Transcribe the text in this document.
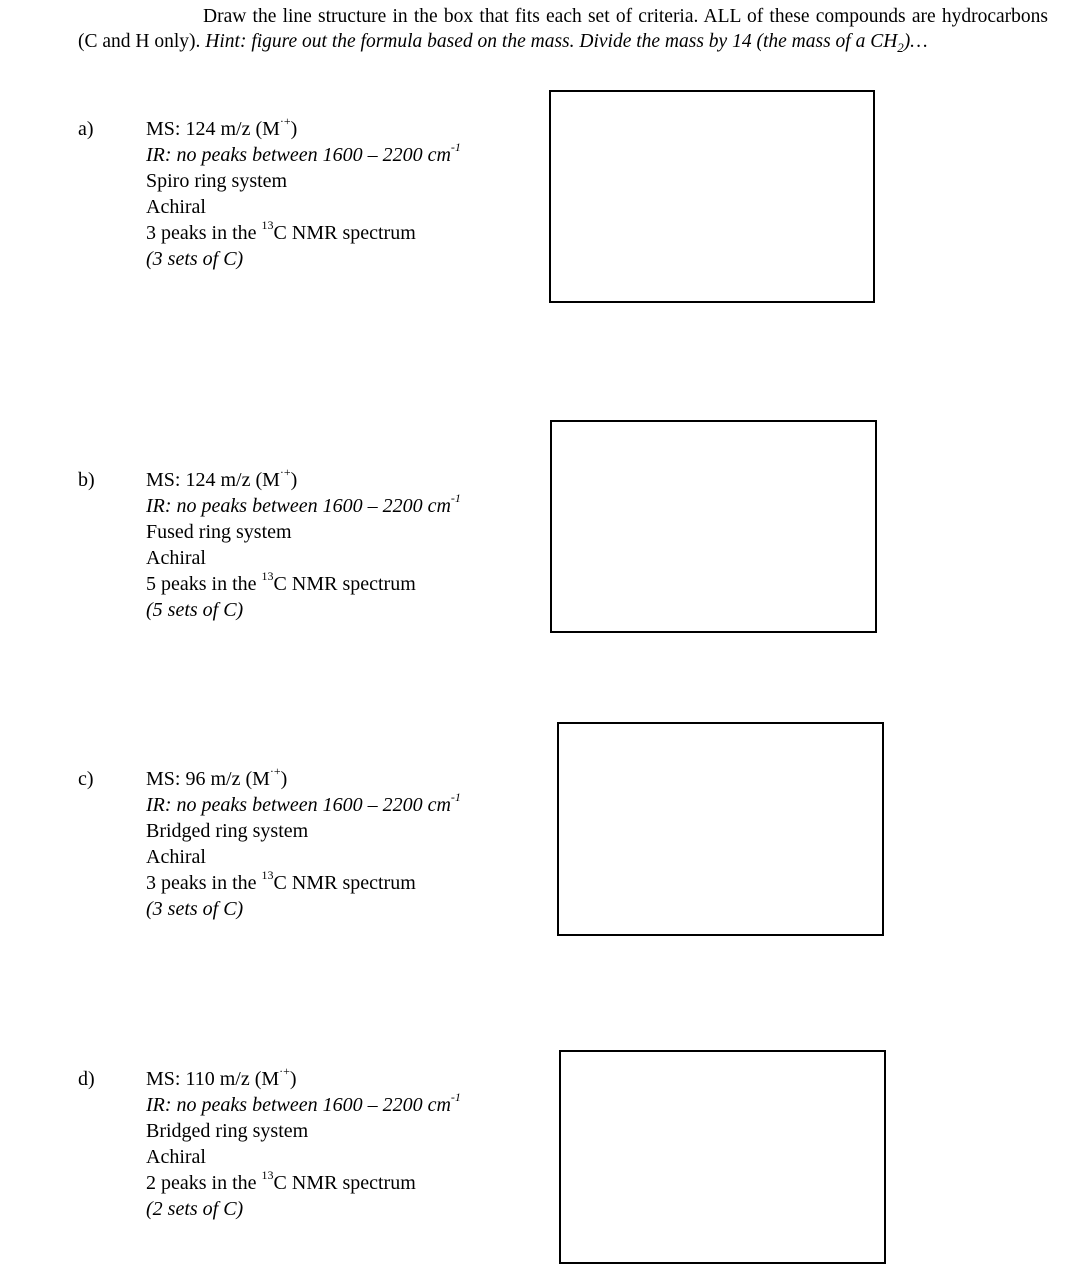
Draw the line structure in the box that fits each set of criteria. ALL of these compounds are hydrocarbons (C and H only). Hint: figure out the formula based on the mass. Divide the mass by 14 (the mass of a $CH_2)\dots$
a)	MS: 124 m/z (M·+)
IR: no peaks between 1600 – 2200 $cm^{-1}$
Spiro ring system
Achiral
3 peaks in the $^{13}$C NMR spectrum
(3 sets of C)
b)	MS: 124 m/z (M·+)
IR: no peaks between 1600 – 2200 $cm^{-1}$
Fused ring system
Achiral
5 peaks in the $^{13}$C NMR spectrum
(5 sets of C)
c)	MS: 96 m/z (M·+)
IR: no peaks between 1600 – 2200 $cm^{-1}$
Bridged ring system
Achiral
3 peaks in the $^{13}$C NMR spectrum
(3 sets of C)
d)	MS: 110 m/z (M·+)
IR: no peaks between 1600 – 2200 $cm^{-1}$
Bridged ring system
Achiral
2 peaks in the $^{13}$C NMR spectrum
(2 sets of C)
